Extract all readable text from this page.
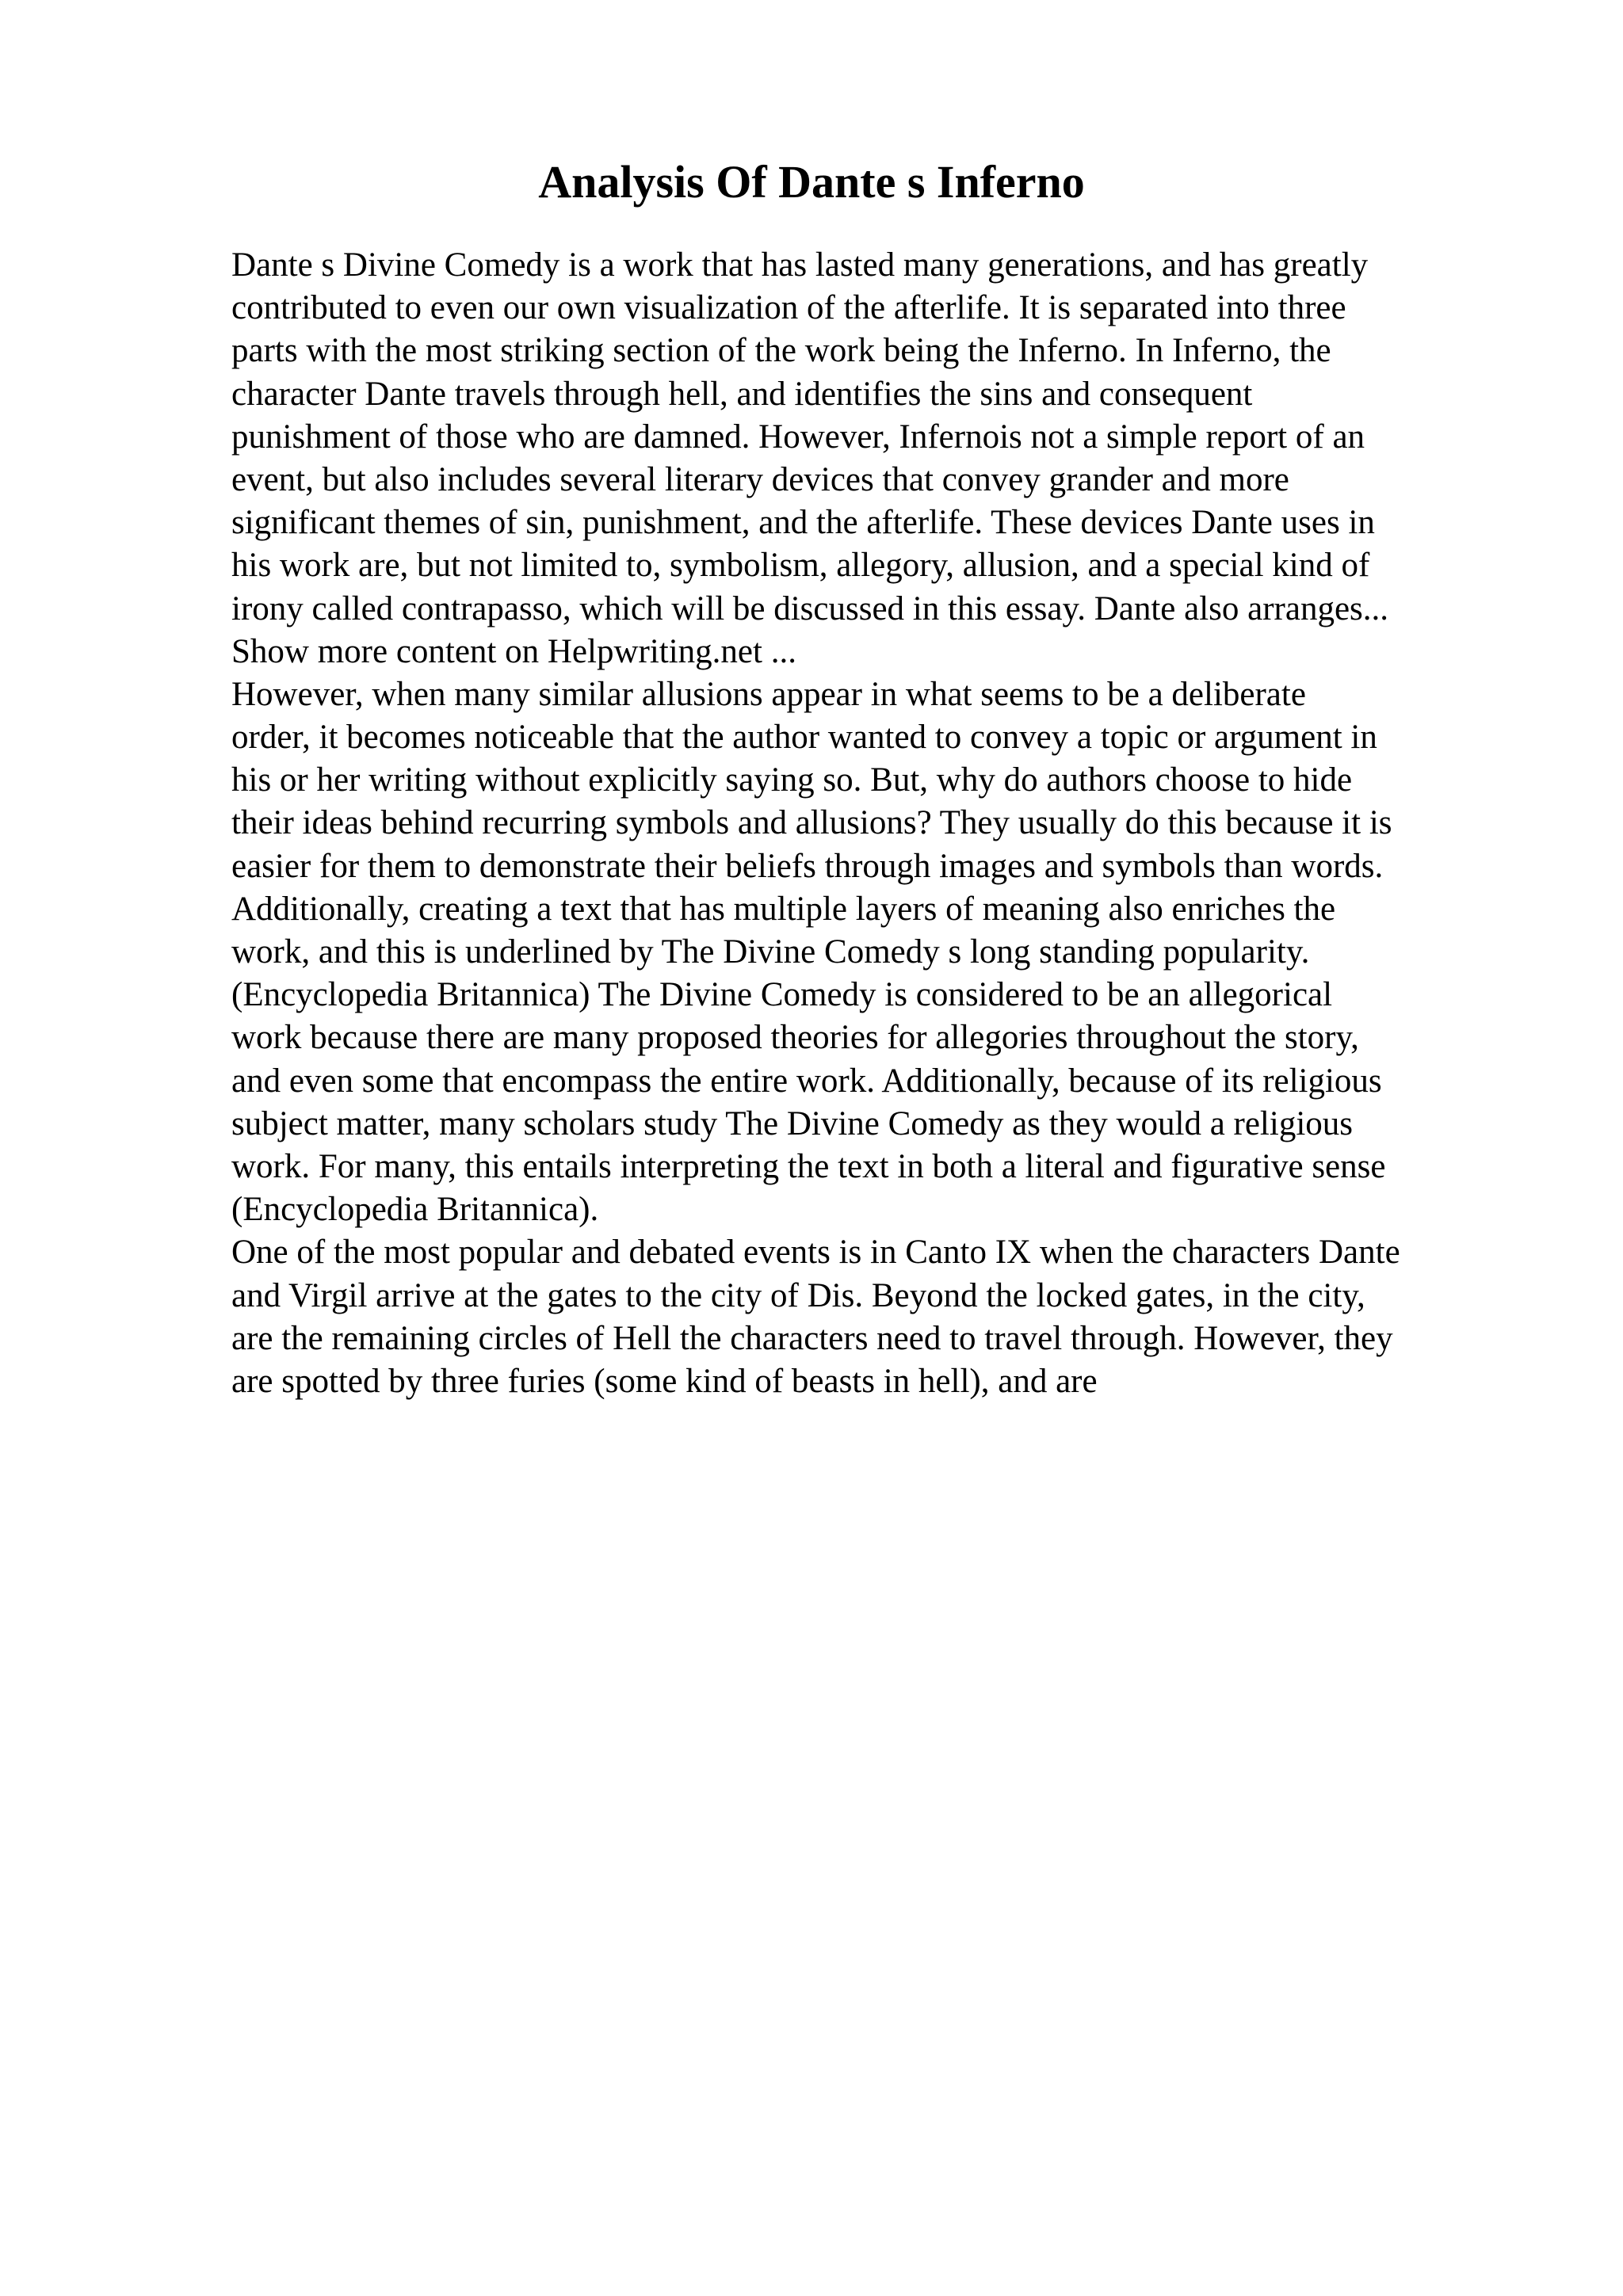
Analysis Of Dante s Inferno
Dante s Divine Comedy is a work that has lasted many generations, and has greatly
contributed to even our own visualization of the afterlife. It is separated into three
parts with the most striking section of the work being the Inferno. In Inferno, the
character Dante travels through hell, and identifies the sins and consequent
punishment of those who are damned. However, Infernois not a simple report of an
event, but also includes several literary devices that convey grander and more
significant themes of sin, punishment, and the afterlife. These devices Dante uses in
his work are, but not limited to, symbolism, allegory, allusion, and a special kind of
irony called contrapasso, which will be discussed in this essay. Dante also arranges...
Show more content on Helpwriting.net ...
However, when many similar allusions appear in what seems to be a deliberate
order, it becomes noticeable that the author wanted to convey a topic or argument in
his or her writing without explicitly saying so. But, why do authors choose to hide
their ideas behind recurring symbols and allusions? They usually do this because it is
easier for them to demonstrate their beliefs through images and symbols than words.
Additionally, creating a text that has multiple layers of meaning also enriches the
work, and this is underlined by The Divine Comedy s long standing popularity.
(Encyclopedia Britannica) The Divine Comedy is considered to be an allegorical
work because there are many proposed theories for allegories throughout the story,
and even some that encompass the entire work. Additionally, because of its religious
subject matter, many scholars study The Divine Comedy as they would a religious
work. For many, this entails interpreting the text in both a literal and figurative sense
(Encyclopedia Britannica).
One of the most popular and debated events is in Canto IX when the characters Dante
and Virgil arrive at the gates to the city of Dis. Beyond the locked gates, in the city,
are the remaining circles of Hell the characters need to travel through. However, they
are spotted by three furies (some kind of beasts in hell), and are
